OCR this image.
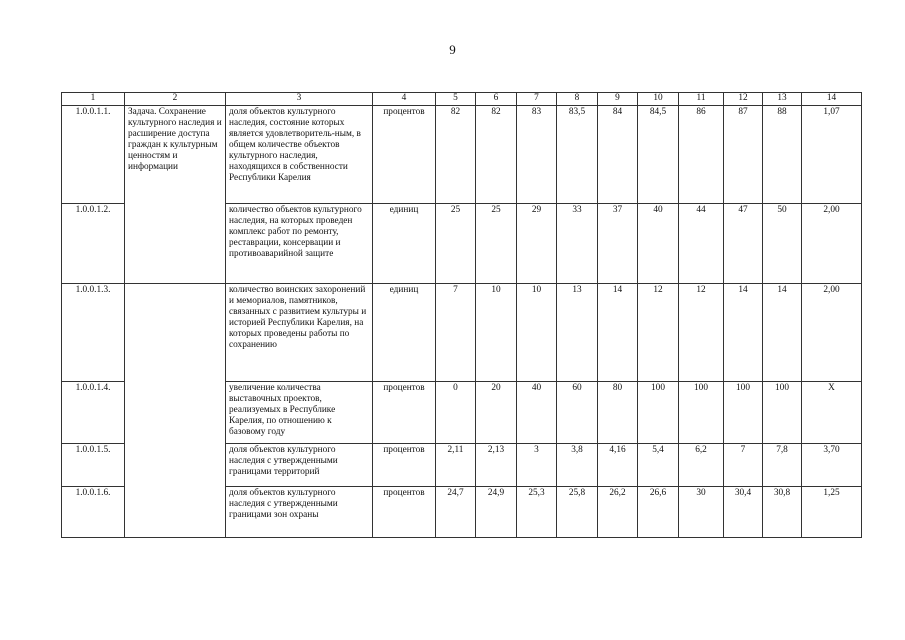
9
1	2	3	4	5	6	7	8	9	10	11	12	13	14
1.0.0.1.1.	Задача. Сохранение культурного наследия и расширение доступа граждан к культурным ценностям и информации	доля объектов культурного наследия, состояние которых является удовлетворитель-ным, в общем количестве объектов культурного наследия, находящихся в собственности Республики Карелия	процентов	82	82	83	83,5	84	84,5	86	87	88	1,07
1.0.0.1.2.		количество объектов культурного наследия, на которых проведен комплекс работ по ремонту, реставрации, консервации и противоаварийной защите	единиц	25	25	29	33	37	40	44	47	50	2,00
1.0.0.1.3.		количество воинских захоронений и мемориалов, памятников, связанных с развитием культуры и историей Республики Карелия, на которых проведены работы по сохранению	единиц	7	10	10	13	14	12	12	14	14	2,00
1.0.0.1.4.		увеличение количества выставочных проектов, реализуемых в Республике Карелия, по отношению к базовому году	процентов	0	20	40	60	80	100	100	100	100	X
1.0.0.1.5.		доля объектов культурного наследия с утвержденными границами территорий	процентов	2,11	2,13	3	3,8	4,16	5,4	6,2	7	7,8	3,70
1.0.0.1.6.		доля объектов культурного наследия с утвержденными границами зон охраны	процентов	24,7	24,9	25,3	25,8	26,2	26,6	30	30,4	30,8	1,25
